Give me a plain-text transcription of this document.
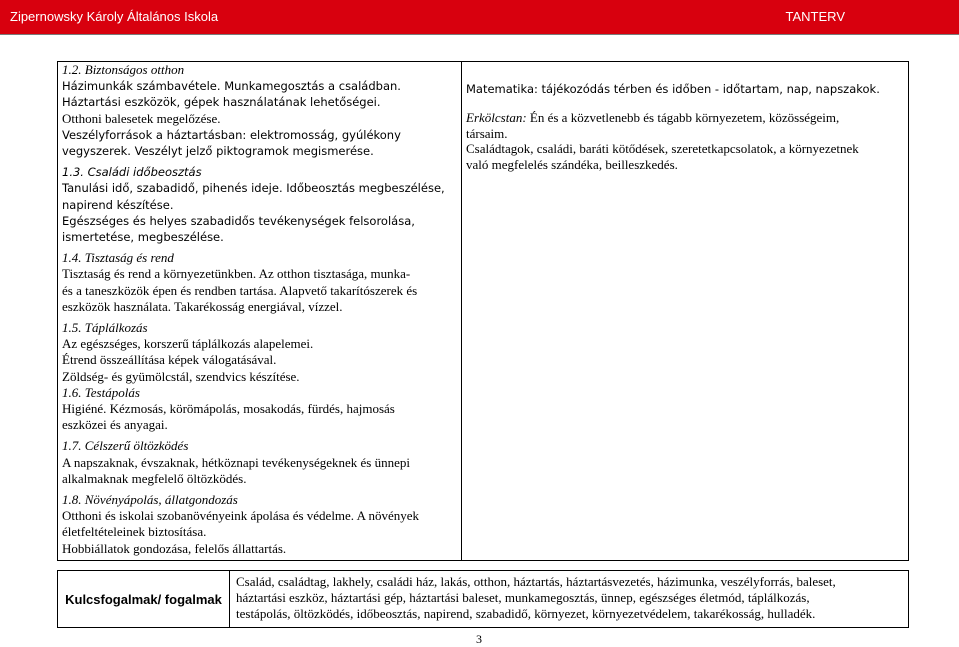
Zipernowsky Károly Általános Iskola	TANTERV

1.2. Biztonságos otthon

Házimunkák számbavétele. Munkamegosztás a családban.

Háztartási eszközök, gépek használatának lehetőségei.

Otthoni balesetek megelőzése.

Veszélyforrások a háztartásban: elektromosság, gyúlékony

vegyszerek. Veszélyt jelző piktogramok megismerése.

1.3. Családi időbeosztás

Tanulási idő, szabadidő, pihenés ideje. Időbeosztás megbeszélése,

napirend készítése.

Egészséges és helyes szabadidős tevékenységek felsorolása,

ismertetése, megbeszélése.

1.4. Tisztaság és rend

Tisztaság és rend a környezetünkben. Az otthon tisztasága, munka-

és a taneszközök épen és rendben tartása. Alapvető takarítószerek és

eszközök használata. Takarékosság energiával, vízzel.

1.5. Táplálkozás

Az egészséges, korszerű táplálkozás alapelemei.

Étrend összeállítása képek válogatásával.

Zöldség- és gyümölcstál, szendvics készítése.

1.6. Testápolás

Higiéné. Kézmosás, körömápolás, mosakodás, fürdés, hajmosás

eszközei és anyagai.

1.7. Célszerű öltözködés

A napszaknak, évszaknak, hétköznapi tevékenységeknek és ünnepi

alkalmaknak megfelelő öltözködés.

1.8. Növényápolás, állatgondozás

Otthoni és iskolai szobanövényeink ápolása és védelme. A növények

életfeltételeinek biztosítása.

Hobbiállatok gondozása, felelős állattartás.

Matematika: tájékozódás térben és időben - időtartam, nap, napszakok.

Erkölcstan: Én és a közvetlenebb és tágabb környezetem, közösségeim,

társaim.

Családtagok, családi, baráti kötődések, szeretetkapcsolatok, a környezetnek

való megfelelés szándéka, beilleszkedés.

Kulcsfogalmak/ fogalmak
Család, családtag, lakhely, családi ház, lakás, otthon, háztartás, háztartásvezetés, házimunka, veszélyforrás, baleset,
háztartási eszköz, háztartási gép, háztartási baleset, munkamegosztás, ünnep, egészséges életmód, táplálkozás,
testápolás, öltözködés, időbeosztás, napirend, szabadidő, környezet, környezetvédelem, takarékosság, hulladék.
3
